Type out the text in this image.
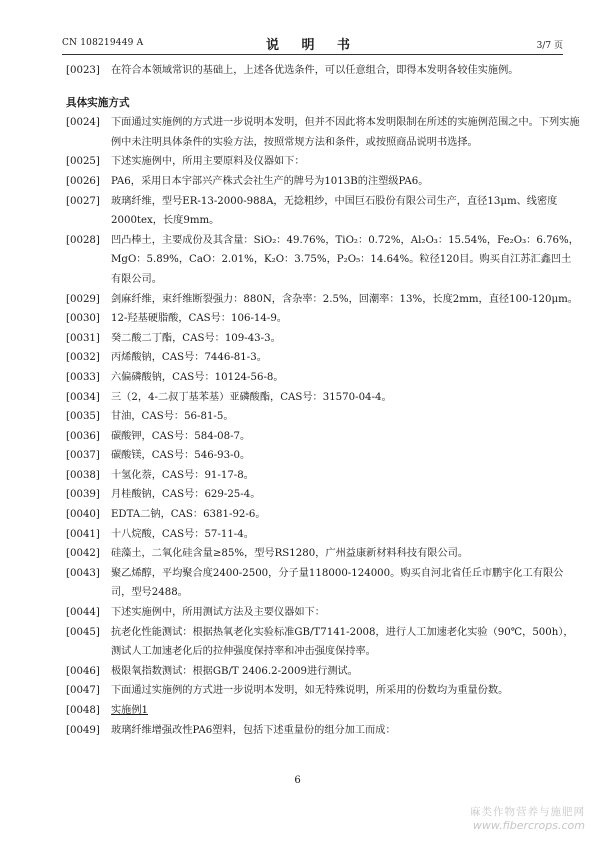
CN 108219449 A	说 明 书	3/7 页
[0023] 在符合本领域常识的基础上，上述各优选条件，可以任意组合，即得本发明各较佳实施例。
具体实施方式
[0024] 下面通过实施例的方式进一步说明本发明，但并不因此将本发明限制在所述的实施例范围之中。下列实施例中未注明具体条件的实验方法，按照常规方法和条件，或按照商品说明书选择。
[0025] 下述实施例中，所用主要原料及仪器如下：
[0026] PA6，采用日本宇部兴产株式会社生产的牌号为1013B的注塑级PA6。
[0027] 玻璃纤维，型号ER-13-2000-988A，无捻粗纱，中国巨石股份有限公司生产，直径13μm、线密度2000tex，长度9mm。
[0028] 凹凸棒土，主要成份及其含量：SiO₂：49.76%，TiO₂：0.72%，Al₂O₃：15.54%，Fe₂O₃：6.76%，MgO：5.89%，CaO：2.01%，K₂O：3.75%，P₂O₅：14.64%。粒径120目。购买自江苏汇鑫凹土有限公司。
[0029] 剑麻纤维，束纤维断裂强力：880N，含杂率：2.5%，回潮率：13%，长度2mm，直径100-120μm。
[0030] 12-羟基硬脂酸，CAS号：106-14-9。
[0031] 癸二酸二丁酯，CAS号：109-43-3。
[0032] 丙烯酸钠，CAS号：7446-81-3。
[0033] 六偏磷酸钠，CAS号：10124-56-8。
[0034] 三（2，4-二叔丁基苯基）亚磷酸酯，CAS号：31570-04-4。
[0035] 甘油，CAS号：56-81-5。
[0036] 碳酸钾，CAS号：584-08-7。
[0037] 碳酸镁，CAS号：546-93-0。
[0038] 十氢化萘，CAS号：91-17-8。
[0039] 月桂酸钠，CAS号：629-25-4。
[0040] EDTA二钠，CAS：6381-92-6。
[0041] 十八烷酸，CAS号：57-11-4。
[0042] 硅藻土，二氧化硅含量≥85%，型号RS1280，广州益康新材料科技有限公司。
[0043] 聚乙烯醇，平均聚合度2400-2500，分子量118000-124000。购买自河北省任丘市鹏宇化工有限公司，型号2488。
[0044] 下述实施例中，所用测试方法及主要仪器如下：
[0045] 抗老化性能测试：根据热氧老化实验标准GB/T7141-2008，进行人工加速老化实验（90℃，500h），测试人工加速老化后的拉伸强度保持率和冲击强度保持率。
[0046] 极限氧指数测试：根据GB/T 2406.2-2009进行测试。
[0047] 下面通过实施例的方式进一步说明本发明，如无特殊说明，所采用的份数均为重量份数。
[0048] 实施例1
[0049] 玻璃纤维增强改性PA6塑料，包括下述重量份的组分加工而成：
6
麻类作物营养与施肥网
www.fibercrops.com
